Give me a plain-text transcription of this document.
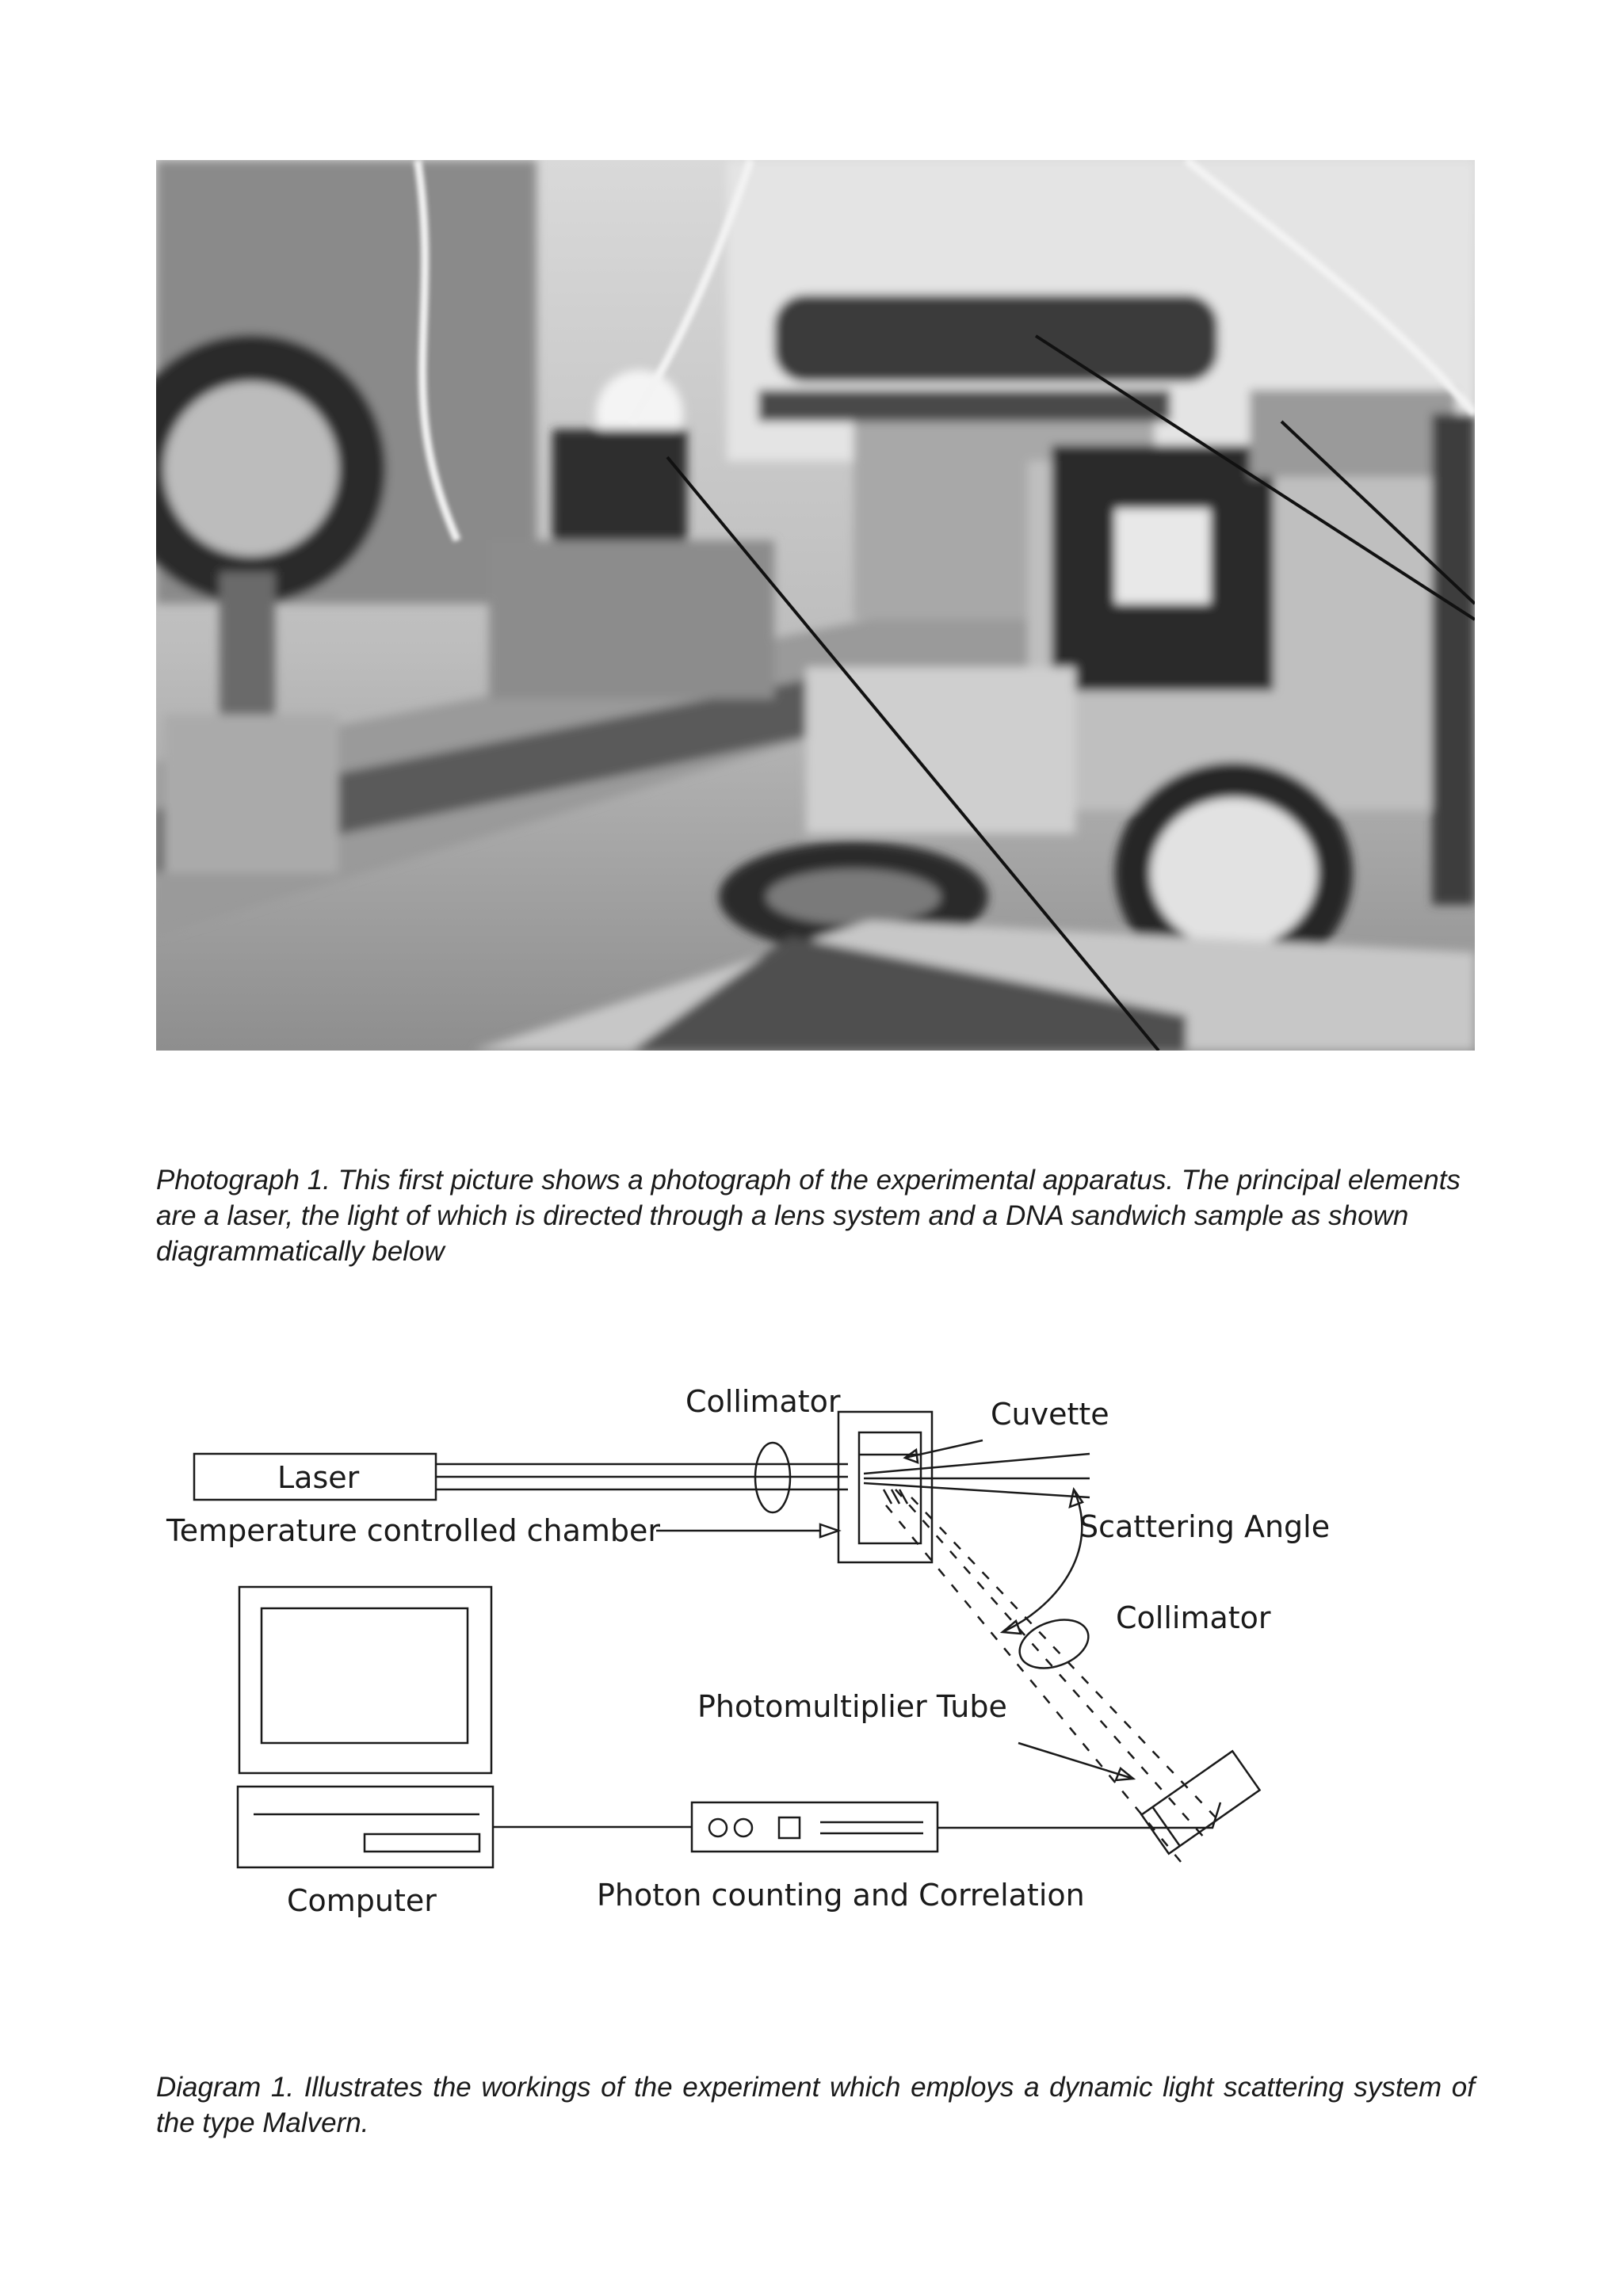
Photograph 1. This first picture shows a photograph of the experimental apparatus. The principal elements are a laser, the light of which is directed through a lens system and a DNA sandwich sample as shown diagrammatically below

Laser
Collimator	Cuvette
Temperature controlled chamber	Scattering Angle
Collimator
Photomultiplier Tube
Computer	Photon counting and Correlation

Diagram 1. Illustrates the workings of the experiment which employs a dynamic light scattering system of the type Malvern.
